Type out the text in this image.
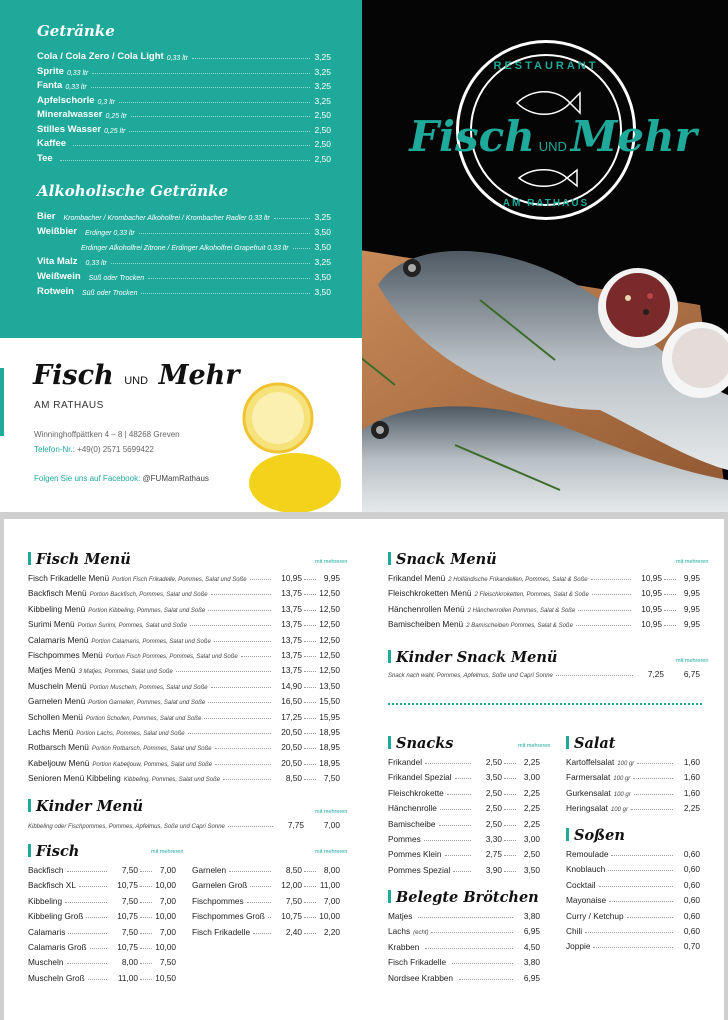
Getränke
Cola / Cola Zero / Cola Light 0,33 ltr	3,25
Sprite 0,33 ltr	3,25
Fanta 0,33 ltr	3,25
Apfelschorle 0,3 ltr	3,25
Mineralwasser 0,25 ltr	2,50
Stilles Wasser 0,25 ltr	2,50
Kaffee	2,50
Tee	2,50
Alkoholische Getränke
Bier Krombacher / Krombacher Alkoholfrei / Krombacher Radler 0,33 ltr	3,25
Weißbier Erdinger 0,33 ltr	3,50
Erdinger Alkoholfrei Zitrone / Erdinger Alkoholfrei Grapefruit 0,33 ltr	3,50
Vita Malz 0,33 ltr	3,25
Weißwein Süß oder Trocken	3,50
Rotwein Süß oder Trocken	3,50
Fisch UND Mehr
AM RATHAUS
Winninghoffpättken 4 – 8 | 48268 Greven
Telefon-Nr.: +49(0) 2571 5699422
Folgen Sie uns auf Facebook: @FUMamRathaus
RESTAURANT
AM RATHAUS
Fisch UNDMehr
Fisch Menü	mit mehreren
Fisch Frikadelle Menü Portion Fisch Frikadelle, Pommes, Salat und Soße	10,95	9,95
Backfisch Menü Portion Backfisch, Pommes, Salat und Soße	13,75 12,50
Kibbeling Menü Portion Kibbeling, Pommes, Salat und Soße	13,75 12,50
Surimi Menü Portion Surimi, Pommes, Salat und Soße	13,75 12,50
Calamaris Menü Portion Calamaris, Pommes, Salat und Soße	13,75 12,50
Fischpommes Menü Portion Fisch Pommes, Pommes, Salat und Soße	13,75 12,50
Matjes Menü 3 Matjes, Pommes, Salat und Soße	13,75 12,50
Muscheln Menü Portion Muscheln, Pommes, Salat und Soße	14,90 13,50
Garnelen Menü Portion Garnelen, Pommes, Salat und Soße	16,50 15,50
Schollen Menü Portion Schollen, Pommes, Salat und Soße	17,25 15,95
Lachs Menü Portion Lachs, Pommes, Salat und Soße	20,50 18,95
Rotbarsch Menü Portion Rotbarsch, Pommes, Salat und Soße	20,50 18,95
Kabeljouw Menü Portion Kabeljouw, Pommes, Salat und Soße	20,50 18,95
Senioren Menü Kibbeling Kibbeling, Pommes, Salat und Soße	8,50	7,50
Kinder Menü	mit mehreren
Kibbeling oder Fischpommes, Pommes, Apfelmus, Soße und Capri Sonne	7,75	7,00
Fisch	mit mehreren	mit mehreren
Backfisch	7,50	7,00
Backfisch XL	10,75 10,00
Kibbeling	7,50	7,00
Kibbeling Groß	10,75 10,00
Calamaris	7,50	7,00
Calamaris Groß	10,75 10,00
Muscheln	8,00	7,50
Muscheln Groß	11,00 10,50
Garnelen	8,50	8,00
Garnelen Groß	12,00 11,00
Fischpommes	7,50	7,00
Fischpommes Groß	10,75 10,00
Fisch Frikadelle	2,40	2,20
Snack Menü	mit mehreren
Frikandel Menü 2 Holländische Frikandellen, Pommes, Salat & Soße	10,95	9,95
Fleischkroketten Menü 2 Fleischkroketten, Pommes, Salat & Soße	10,95	9,95
Hänchenrollen Menü 2 Hänchenrollen Pommes, Salat & Soße	10,95	9,95
Bamischeiben Menü 2 Bamischeiben Pommes, Salat & Soße	10,95	9,95
Kinder Snack Menü	mit mehreren
Snack nach wahl, Pommes, Apfelmus, Soße und Capri Sonne	7,25	6,75
Snacks	mit mehreren
Frikandel	2,50	2,25
Frikandel Spezial	3,50	3,00
Fleischkrokette	2,50	2,25
Hänchenrolle	2,50	2,25
Bamischeibe	2,50	2,25
Pommes	3,30	3,00
Pommes Klein	2,75	2,50
Pommes Spezial	3,90	3,50
Belegte Brötchen
Matjes	3,80
Lachs (echt)	6,95
Krabben	4,50
Fisch Frikadelle	3,80
Nordsee Krabben	6,95
Salat
Kartoffelsalat 100 gr	1,60
Farmersalat 100 gr	1,60
Gurkensalat 100 gr	1,60
Heringsalat 100 gr	2,25
Soßen
Remoulade	0,60
Knoblauch	0,60
Cocktail	0,60
Mayonaise	0,60
Curry / Ketchup	0,60
Chili	0,60
Joppie	0,70
